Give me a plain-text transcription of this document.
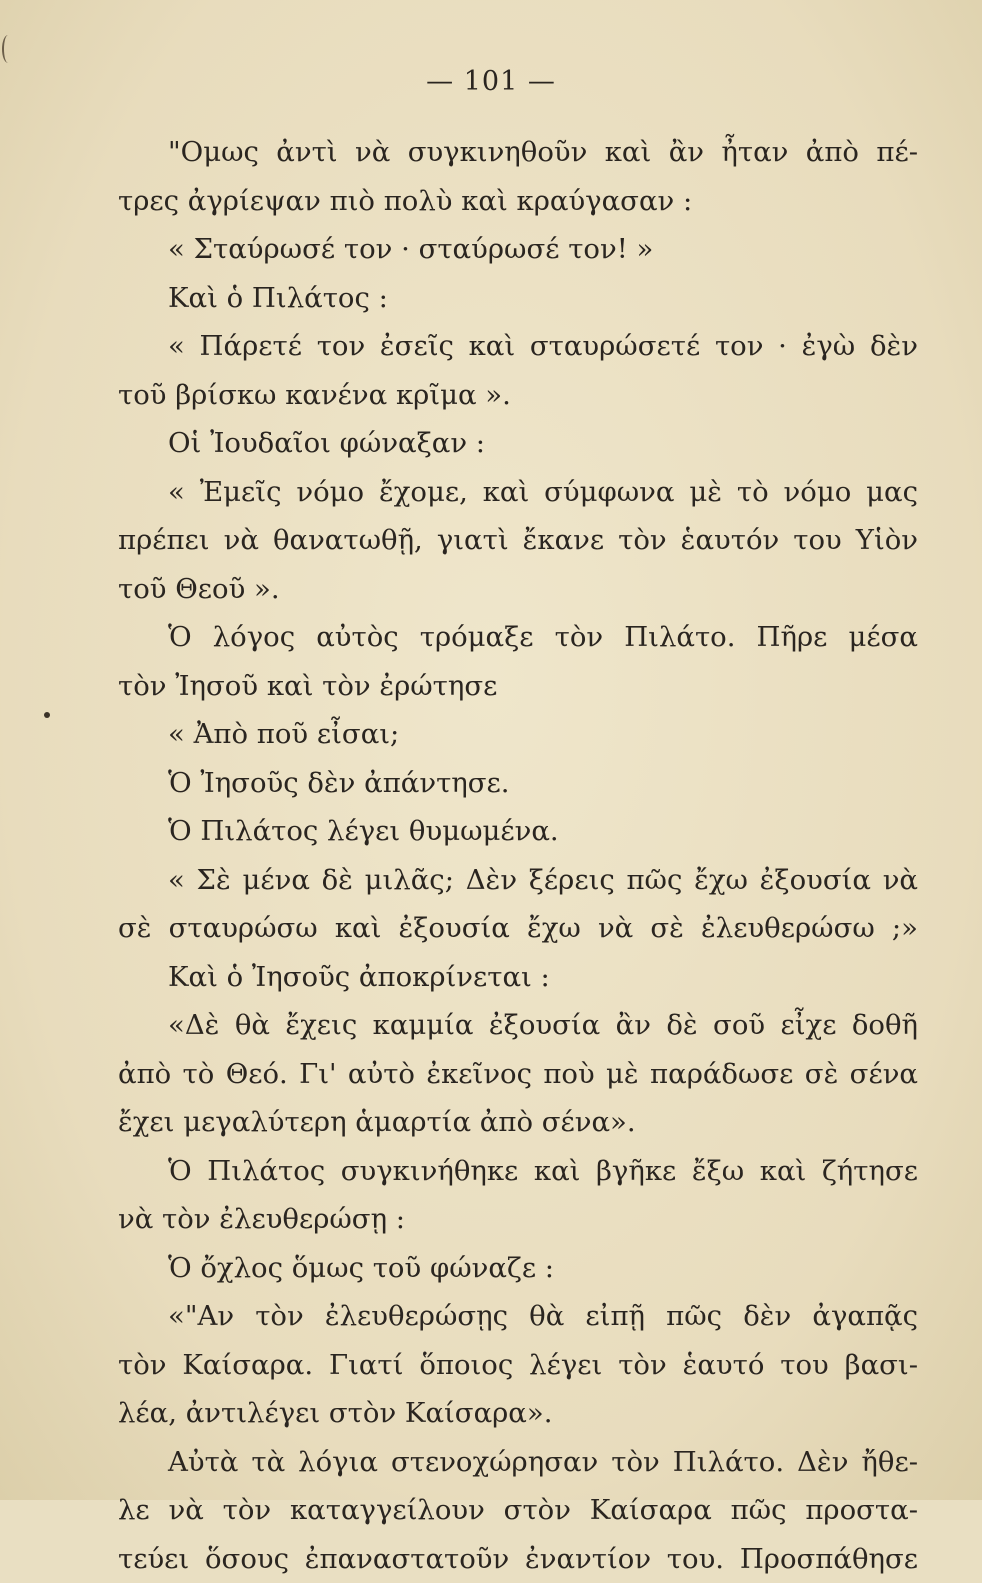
— 101 —
"Ομως ἀντὶ νὰ συγκινηθοῦν καὶ ἂν ἦταν ἀπὸ πέ-
τρες ἀγρίεψαν πιὸ πολὺ καὶ κραύγασαν :
« Σταύρωσέ τον · σταύρωσέ τον! »
Καὶ ὁ Πιλάτος :
« Πάρετέ τον ἐσεῖς καὶ σταυρώσετέ τον · ἐγὼ δὲν
τοῦ βρίσκω κανένα κρῖμα ».
Οἱ Ἰουδαῖοι φώναξαν :
« Ἐμεῖς νόμο ἔχομε, καὶ σύμφωνα μὲ τὸ νόμο μας
πρέπει νὰ θανατωθῇ, γιατὶ ἔκανε τὸν ἑαυτόν του Υἱὸν
τοῦ Θεοῦ ».
Ὁ λόγος αὐτὸς τρόμαξε τὸν Πιλάτο. Πῆρε μέσα
τὸν Ἰησοῦ καὶ τὸν ἐρώτησε
« Ἀπὸ ποῦ εἶσαι;
Ὁ Ἰησοῦς δὲν ἀπάντησε.
Ὁ Πιλάτος λέγει θυμωμένα.
« Σὲ μένα δὲ μιλᾶς; Δὲν ξέρεις πῶς ἔχω ἐξουσία νὰ
σὲ σταυρώσω καὶ ἐξουσία ἔχω νὰ σὲ ἐλευθερώσω ;»
Καὶ ὁ Ἰησοῦς ἀποκρίνεται :
«Δὲ θὰ ἔχεις καμμία ἐξουσία ἂν δὲ σοῦ εἶχε δοθῆ
ἀπὸ τὸ Θεό. Γι' αὐτὸ ἐκεῖνος ποὺ μὲ παράδωσε σὲ σένα
ἔχει μεγαλύτερη ἁμαρτία ἀπὸ σένα».
Ὁ Πιλάτος συγκινήθηκε καὶ βγῆκε ἔξω καὶ ζήτησε
νὰ τὸν ἐλευθερώσῃ :
Ὁ ὄχλος ὅμως τοῦ φώναζε :
«"Αν τὸν ἐλευθερώσῃς θὰ εἰπῇ πῶς δὲν ἀγαπᾷς
τὸν Καίσαρα. Γιατί ὅποιος λέγει τὸν ἑαυτό του βασι-
λέα, ἀντιλέγει στὸν Καίσαρα».
Αὐτὰ τὰ λόγια στενοχώρησαν τὸν Πιλάτο. Δὲν ἤθε-
λε νὰ τὸν καταγγείλουν στὸν Καίσαρα πῶς προστα-
τεύει ὅσους ἐπαναστατοῦν ἐναντίον του. Προσπάθησε
